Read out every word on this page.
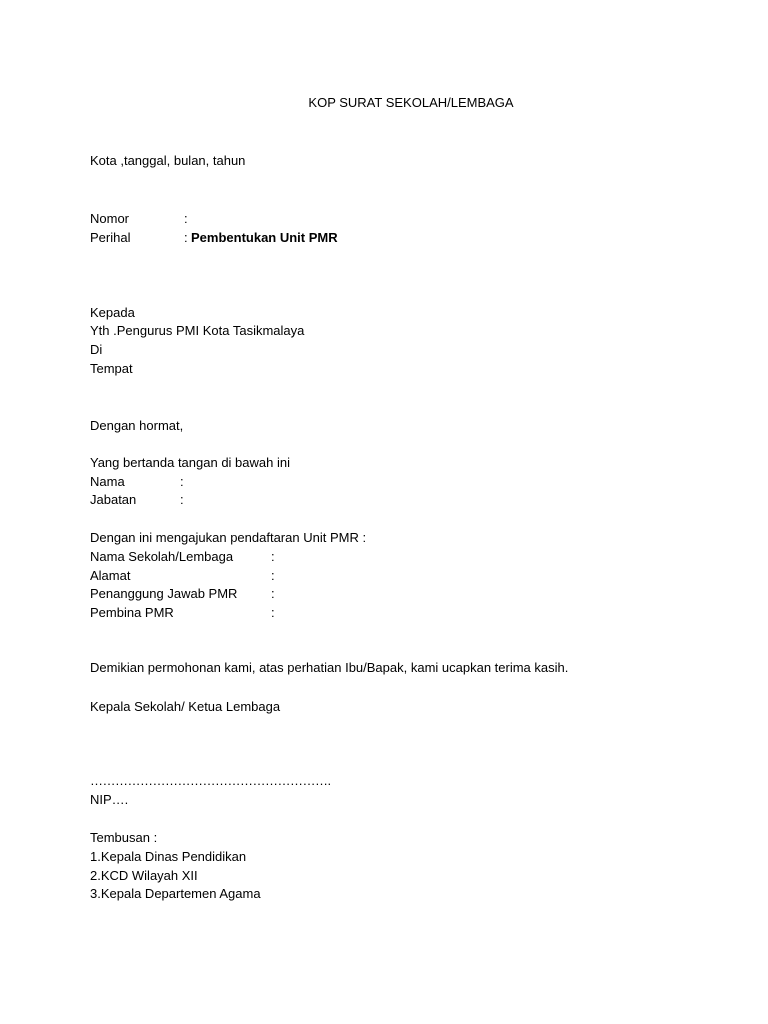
KOP SURAT SEKOLAH/LEMBAGA
Kota ,tanggal, bulan, tahun
Nomor	:
Perihal	: Pembentukan Unit PMR
Kepada
Yth .Pengurus PMI Kota Tasikmalaya
Di
Tempat
Dengan hormat,
Yang bertanda tangan di bawah ini
Nama	:
Jabatan	:
Dengan ini mengajukan pendaftaran Unit PMR :
Nama Sekolah/Lembaga	:
Alamat	:
Penanggung Jawab PMR	:
Pembina PMR	:
Demikian permohonan kami, atas perhatian Ibu/Bapak, kami ucapkan terima kasih.
Kepala Sekolah/ Ketua Lembaga
………………………………………………….
NIP….
Tembusan :
1.Kepala Dinas Pendidikan
2.KCD Wilayah XII
3.Kepala Departemen Agama
